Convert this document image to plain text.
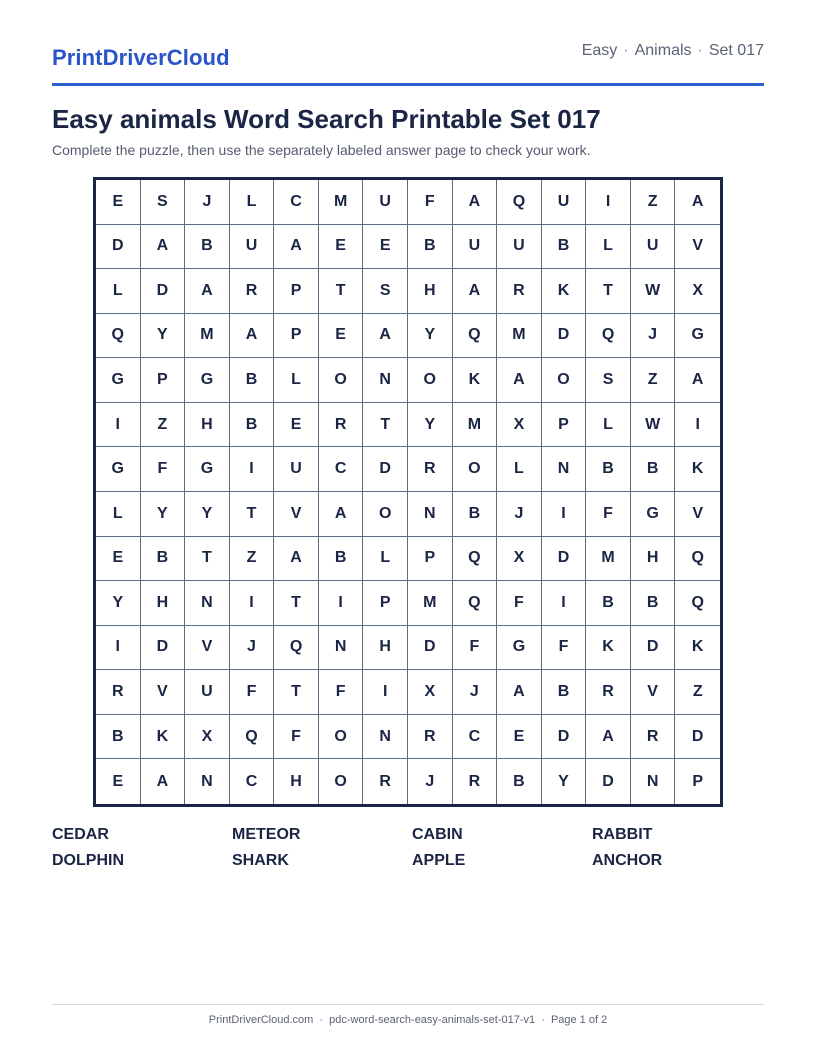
PrintDriverCloud	Easy · Animals · Set 017
Easy animals Word Search Printable Set 017
Complete the puzzle, then use the separately labeled answer page to check your work.
E	S	J	L	C	M	U	F	A	Q	U	I	Z	A
D	A	B	U	A	E	E	B	U	U	B	L	U	V
L	D	A	R	P	T	S	H	A	R	K	T	W	X
Q	Y	M	A	P	E	A	Y	Q	M	D	Q	J	G
G	P	G	B	L	O	N	O	K	A	O	S	Z	A
I	Z	H	B	E	R	T	Y	M	X	P	L	W	I
G	F	G	I	U	C	D	R	O	L	N	B	B	K
L	Y	Y	T	V	A	O	N	B	J	I	F	G	V
E	B	T	Z	A	B	L	P	Q	X	D	M	H	Q
Y	H	N	I	T	I	P	M	Q	F	I	B	B	Q
I	D	V	J	Q	N	H	D	F	G	F	K	D	K
R	V	U	F	T	F	I	X	J	A	B	R	V	Z
B	K	X	Q	F	O	N	R	C	E	D	A	R	D
E	A	N	C	H	O	R	J	R	B	Y	D	N	P
CEDAR	METEOR	CABIN	RABBIT
DOLPHIN	SHARK	APPLE	ANCHOR
PrintDriverCloud.com · pdc-word-search-easy-animals-set-017-v1 · Page 1 of 2
